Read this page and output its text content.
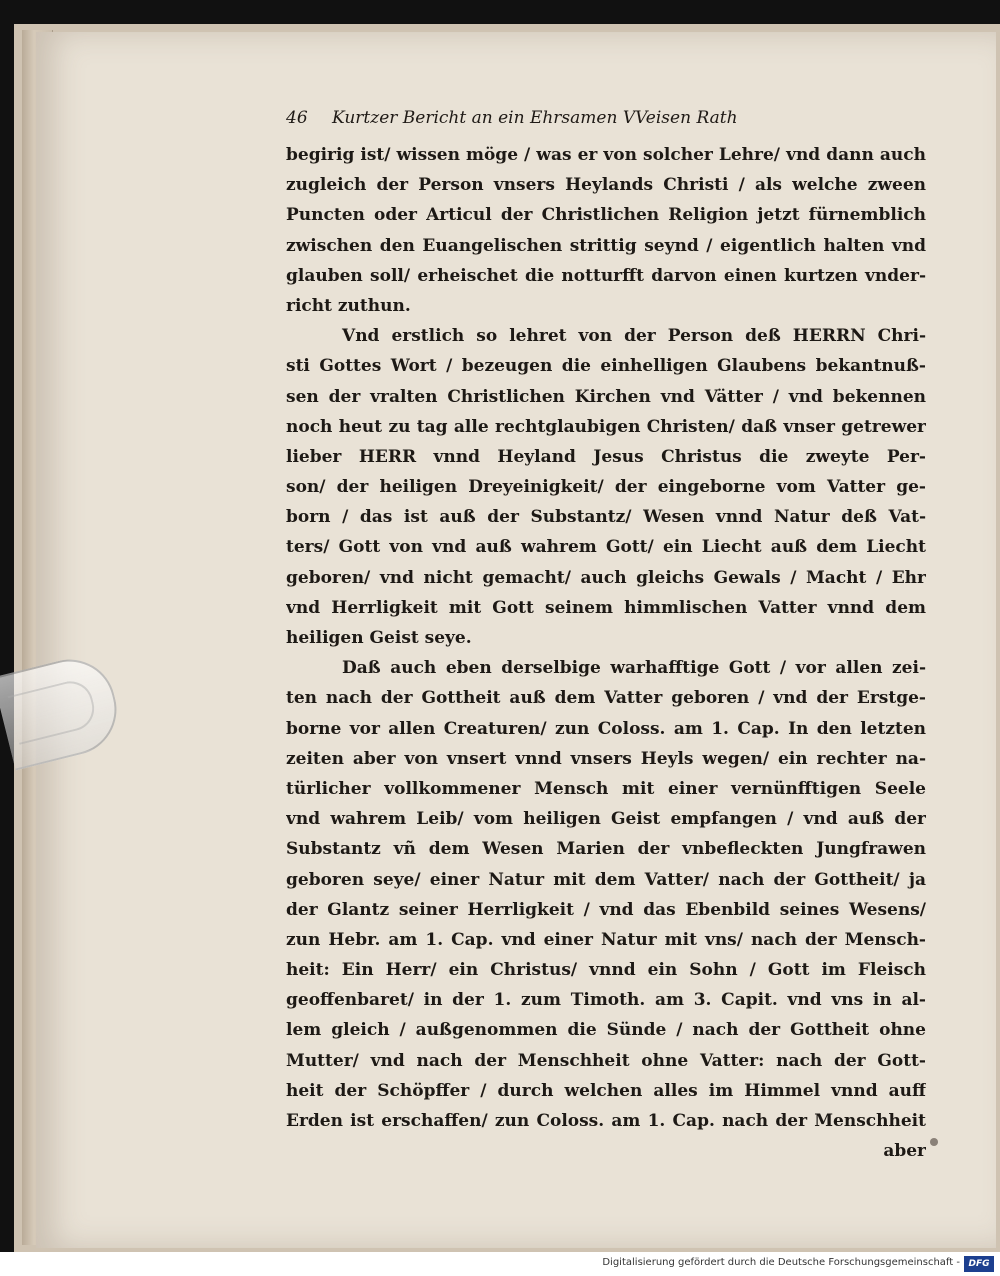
46 Kurtzer Bericht an ein Ehrsamen VVeisen Rath
begirig ist/ wissen möge / was er von solcher Lehre/ vnd dann auch
zugleich der Person vnsers Heylands Christi / als welche zween
Puncten oder Articul der Christlichen Religion jetzt fürnemblich
zwischen den Euangelischen strittig seynd / eigentlich halten vnd
glauben soll/ erheischet die notturfft darvon einen kurtzen vnder-
richt zuthun.
Vnd erstlich so lehret von der Person deß HERRN Chri-
sti Gottes Wort / bezeugen die einhelligen Glaubens bekantnuß-
sen der vralten Christlichen Kirchen vnd Vätter / vnd bekennen
noch heut zu tag alle rechtglaubigen Christen/ daß vnser getrewer
lieber HERR vnnd Heyland Jesus Christus die zweyte Per-
son/ der heiligen Dreyeinigkeit/ der eingeborne vom Vatter ge-
born / das ist auß der Substantz/ Wesen vnnd Natur deß Vat-
ters/ Gott von vnd auß wahrem Gott/ ein Liecht auß dem Liecht
geboren/ vnd nicht gemacht/ auch gleichs Gewals / Macht / Ehr
vnd Herrligkeit mit Gott seinem himmlischen Vatter vnnd dem
heiligen Geist seye.
Daß auch eben derselbige warhafftige Gott / vor allen zei-
ten nach der Gottheit auß dem Vatter geboren / vnd der Erstge-
borne vor allen Creaturen/ zun Coloss. am 1. Cap. In den letzten
zeiten aber von vnsert vnnd vnsers Heyls wegen/ ein rechter na-
türlicher vollkommener Mensch mit einer vernünfftigen Seele
vnd wahrem Leib/ vom heiligen Geist empfangen / vnd auß der
Substantz vñ dem Wesen Marien der vnbefleckten Jungfrawen
geboren seye/ einer Natur mit dem Vatter/ nach der Gottheit/ ja
der Glantz seiner Herrligkeit / vnd das Ebenbild seines Wesens/
zun Hebr. am 1. Cap. vnd einer Natur mit vns/ nach der Mensch-
heit: Ein Herr/ ein Christus/ vnnd ein Sohn / Gott im Fleisch
geoffenbaret/ in der 1. zum Timoth. am 3. Capit. vnd vns in al-
lem gleich / außgenommen die Sünde / nach der Gottheit ohne
Mutter/ vnd nach der Menschheit ohne Vatter: nach der Gott-
heit der Schöpffer / durch welchen alles im Himmel vnnd auff
Erden ist erschaffen/ zun Coloss. am 1. Cap. nach der Menschheit
aber
Digitalisierung gefördert durch die Deutsche Forschungsgemeinschaft - DFG
